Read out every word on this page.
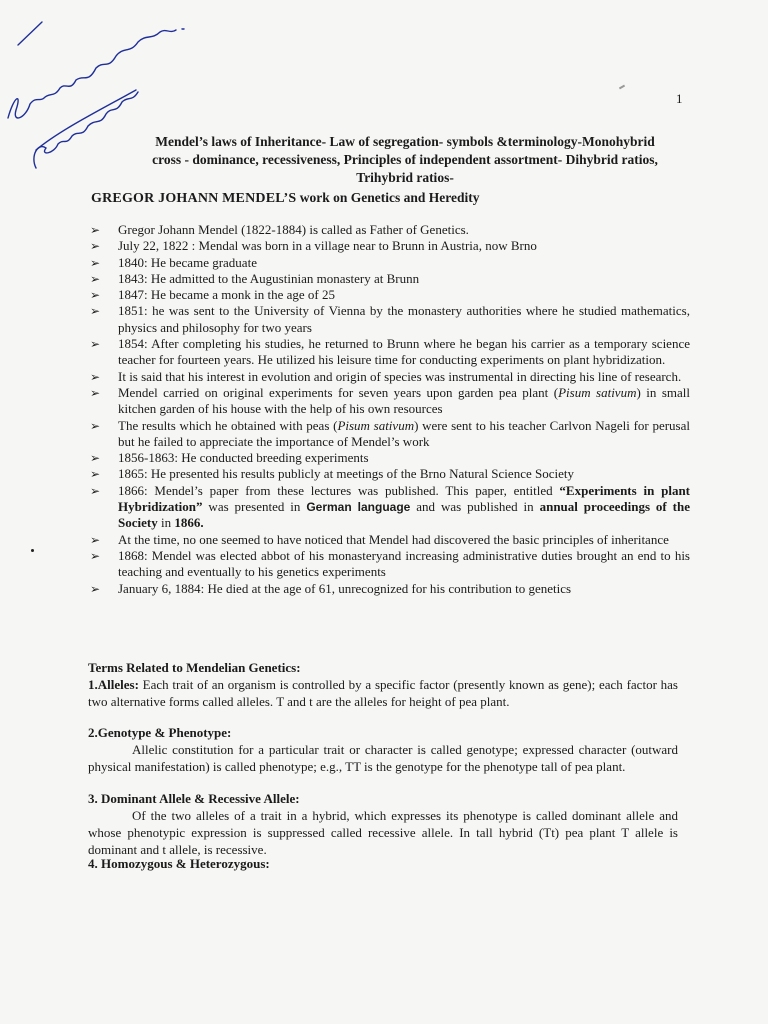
1
Mendel’s laws of Inheritance- Law of segregation- symbols &terminology-Monohybrid
cross - dominance, recessiveness, Principles of independent assortment- Dihybrid ratios,
Trihybrid ratios-
GREGOR JOHANN MENDEL’S work on Genetics and Heredity
➢ Gregor Johann Mendel (1822-1884) is called as Father of Genetics.
➢ July 22, 1822 : Mendal was born in a village near to Brunn in Austria, now Brno
➢ 1840: He became graduate
➢ 1843: He admitted to the Augustinian monastery at Brunn
➢ 1847: He became a monk in the age of 25
➢ 1851: he was sent to the University of Vienna by the monastery authorities where he studied mathematics, physics and philosophy for two years
➢ 1854: After completing his studies, he returned to Brunn where he began his carrier as a temporary science teacher for fourteen years. He utilized his leisure time for conducting experiments on plant hybridization.
➢ It is said that his interest in evolution and origin of species was instrumental in directing his line of research.
➢ Mendel carried on original experiments for seven years upon garden pea plant (Pisum sativum) in small kitchen garden of his house with the help of his own resources
➢ The results which he obtained with peas (Pisum sativum) were sent to his teacher Carlvon Nageli for perusal but he failed to appreciate the importance of Mendel’s work
➢ 1856-1863: He conducted breeding experiments
➢ 1865: He presented his results publicly at meetings of the Brno Natural Science Society
➢ 1866: Mendel’s paper from these lectures was published. This paper, entitled “Experiments in plant Hybridization” was presented in German language and was published in annual proceedings of the Society in 1866.
➢ At the time, no one seemed to have noticed that Mendel had discovered the basic principles of inheritance
➢ 1868: Mendel was elected abbot of his monasteryand increasing administrative duties brought an end to his teaching and eventually to his genetics experiments
➢ January 6, 1884: He died at the age of 61, unrecognized for his contribution to genetics
Terms Related to Mendelian Genetics:
1.Alleles: Each trait of an organism is controlled by a specific factor (presently known as gene); each factor has two alternative forms called alleles. T and t are the alleles for height of pea plant.
2.Genotype & Phenotype:
Allelic constitution for a particular trait or character is called genotype; expressed character (outward physical manifestation) is called phenotype; e.g., TT is the genotype for the phenotype tall of pea plant.
3. Dominant Allele & Recessive Allele:
Of the two alleles of a trait in a hybrid, which expresses its phenotype is called dominant allele and whose phenotypic expression is suppressed called recessive allele. In tall hybrid (Tt) pea plant T allele is dominant and t allele, is recessive.
4. Homozygous & Heterozygous:
